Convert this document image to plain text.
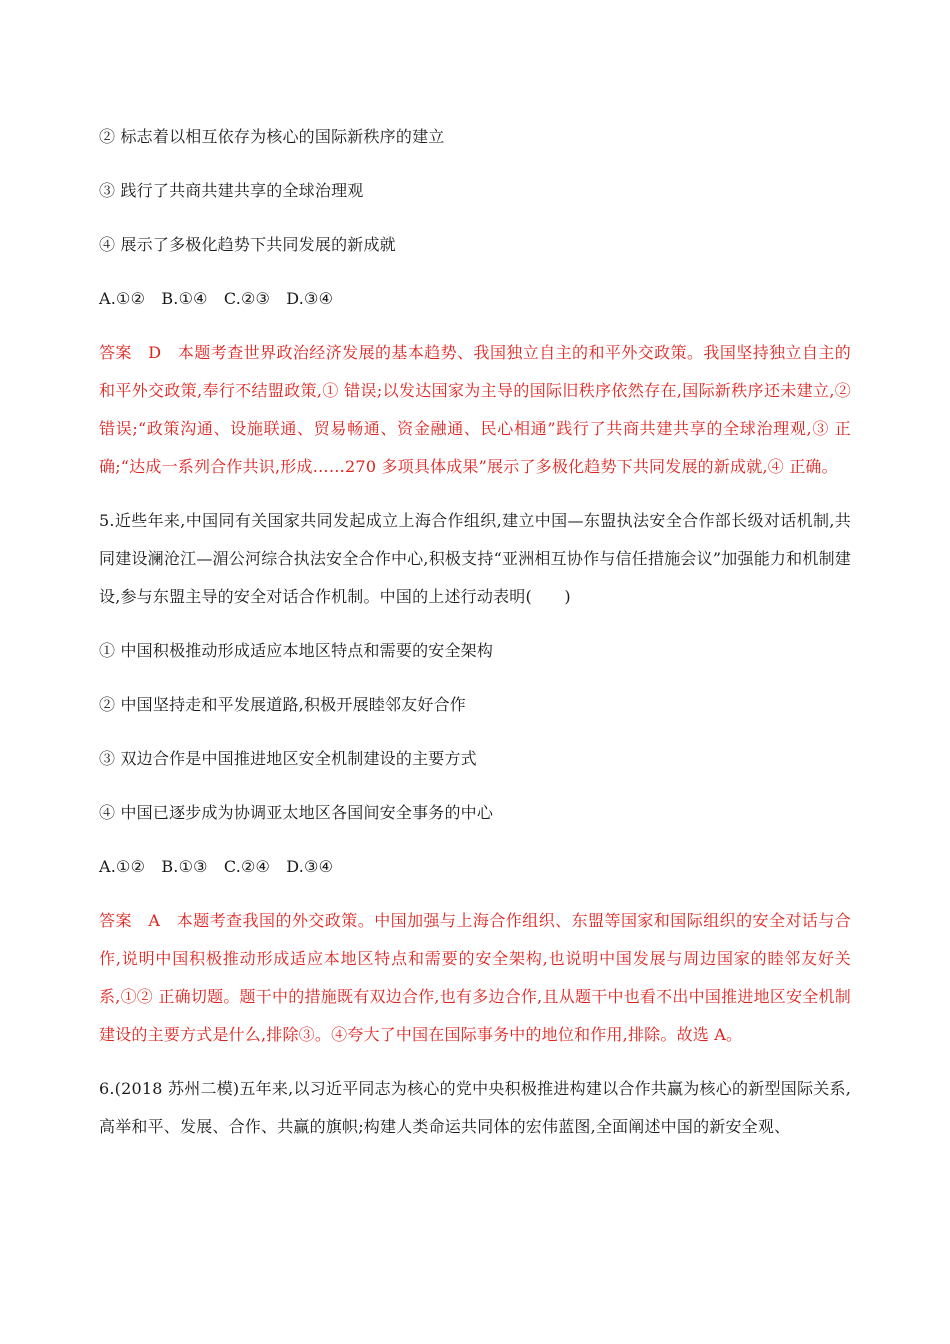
② 标志着以相互依存为核心的国际新秩序的建立
③ 践行了共商共建共享的全球治理观
④ 展示了多极化趋势下共同发展的新成就
A.①②　B.①④　C.②③　D.③④
答案　D　本题考查世界政治经济发展的基本趋势、我国独立自主的和平外交政策。我国坚持独立自主的和平外交政策,奉行不结盟政策,① 错误;以发达国家为主导的国际旧秩序依然存在,国际新秩序还未建立,② 错误;“政策沟通、设施联通、贸易畅通、资金融通、民心相通”践行了共商共建共享的全球治理观,③ 正确;“达成一系列合作共识,形成……270 多项具体成果”展示了多极化趋势下共同发展的新成就,④ 正确。
5.近些年来,中国同有关国家共同发起成立上海合作组织,建立中国—东盟执法安全合作部长级对话机制,共同建设澜沧江—湄公河综合执法安全合作中心,积极支持“亚洲相互协作与信任措施会议”加强能力和机制建设,参与东盟主导的安全对话合作机制。中国的上述行动表明(　　)
① 中国积极推动形成适应本地区特点和需要的安全架构
② 中国坚持走和平发展道路,积极开展睦邻友好合作
③ 双边合作是中国推进地区安全机制建设的主要方式
④ 中国已逐步成为协调亚太地区各国间安全事务的中心
A.①②　B.①③　C.②④　D.③④
答案　A　本题考查我国的外交政策。中国加强与上海合作组织、东盟等国家和国际组织的安全对话与合作,说明中国积极推动形成适应本地区特点和需要的安全架构,也说明中国发展与周边国家的睦邻友好关系,①② 正确切题。题干中的措施既有双边合作,也有多边合作,且从题干中也看不出中国推进地区安全机制建设的主要方式是什么,排除③。④夸大了中国在国际事务中的地位和作用,排除。故选 A。
6.(2018 苏州二模)五年来,以习近平同志为核心的党中央积极推进构建以合作共赢为核心的新型国际关系,高举和平、发展、合作、共赢的旗帜;构建人类命运共同体的宏伟蓝图,全面阐述中国的新安全观、
